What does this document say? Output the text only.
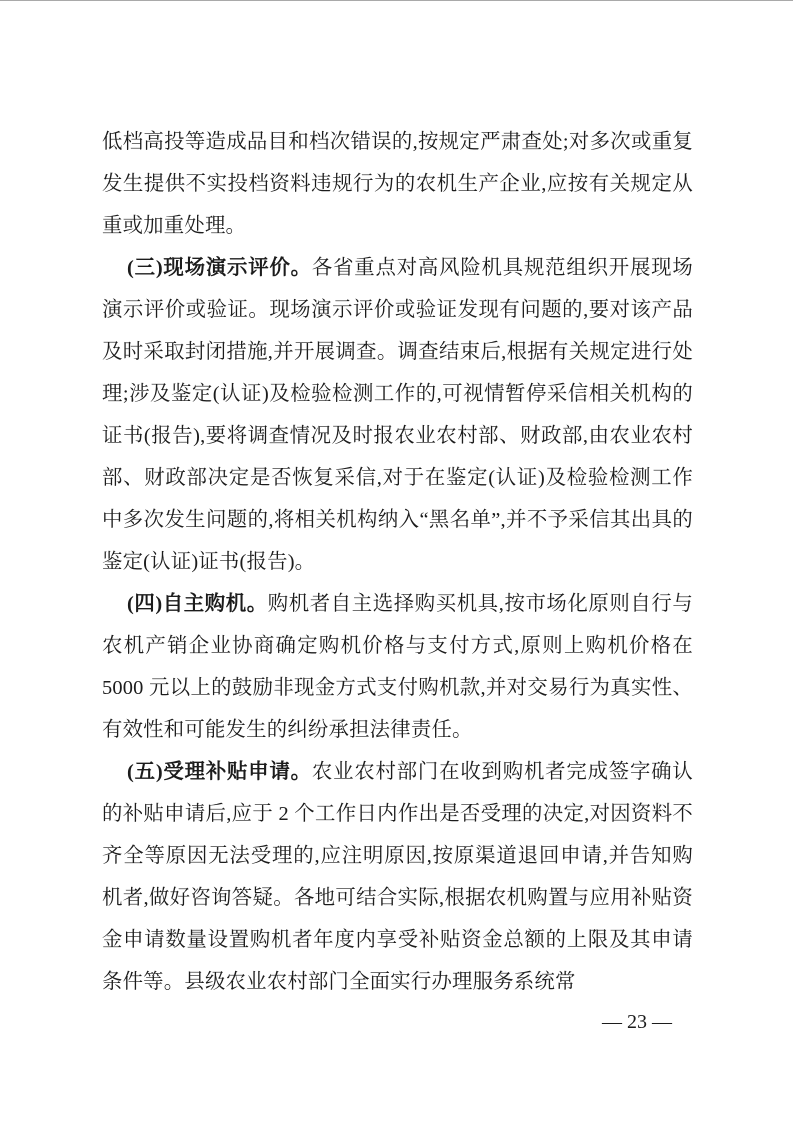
低档高投等造成品目和档次错误的,按规定严肃查处;对多次或重复发生提供不实投档资料违规行为的农机生产企业,应按有关规定从重或加重处理。

(三)现场演示评价。各省重点对高风险机具规范组织开展现场演示评价或验证。现场演示评价或验证发现有问题的,要对该产品及时采取封闭措施,并开展调查。调查结束后,根据有关规定进行处理;涉及鉴定(认证)及检验检测工作的,可视情暂停采信相关机构的证书(报告),要将调查情况及时报农业农村部、财政部,由农业农村部、财政部决定是否恢复采信,对于在鉴定(认证)及检验检测工作中多次发生问题的,将相关机构纳入“黑名单”,并不予采信其出具的鉴定(认证)证书(报告)。

(四)自主购机。购机者自主选择购买机具,按市场化原则自行与农机产销企业协商确定购机价格与支付方式,原则上购机价格在 5000 元以上的鼓励非现金方式支付购机款,并对交易行为真实性、有效性和可能发生的纠纷承担法律责任。

(五)受理补贴申请。农业农村部门在收到购机者完成签字确认的补贴申请后,应于 2 个工作日内作出是否受理的决定,对因资料不齐全等原因无法受理的,应注明原因,按原渠道退回申请,并告知购机者,做好咨询答疑。各地可结合实际,根据农机购置与应用补贴资金申请数量设置购机者年度内享受补贴资金总额的上限及其申请条件等。县级农业农村部门全面实行办理服务系统常

— 23 —
